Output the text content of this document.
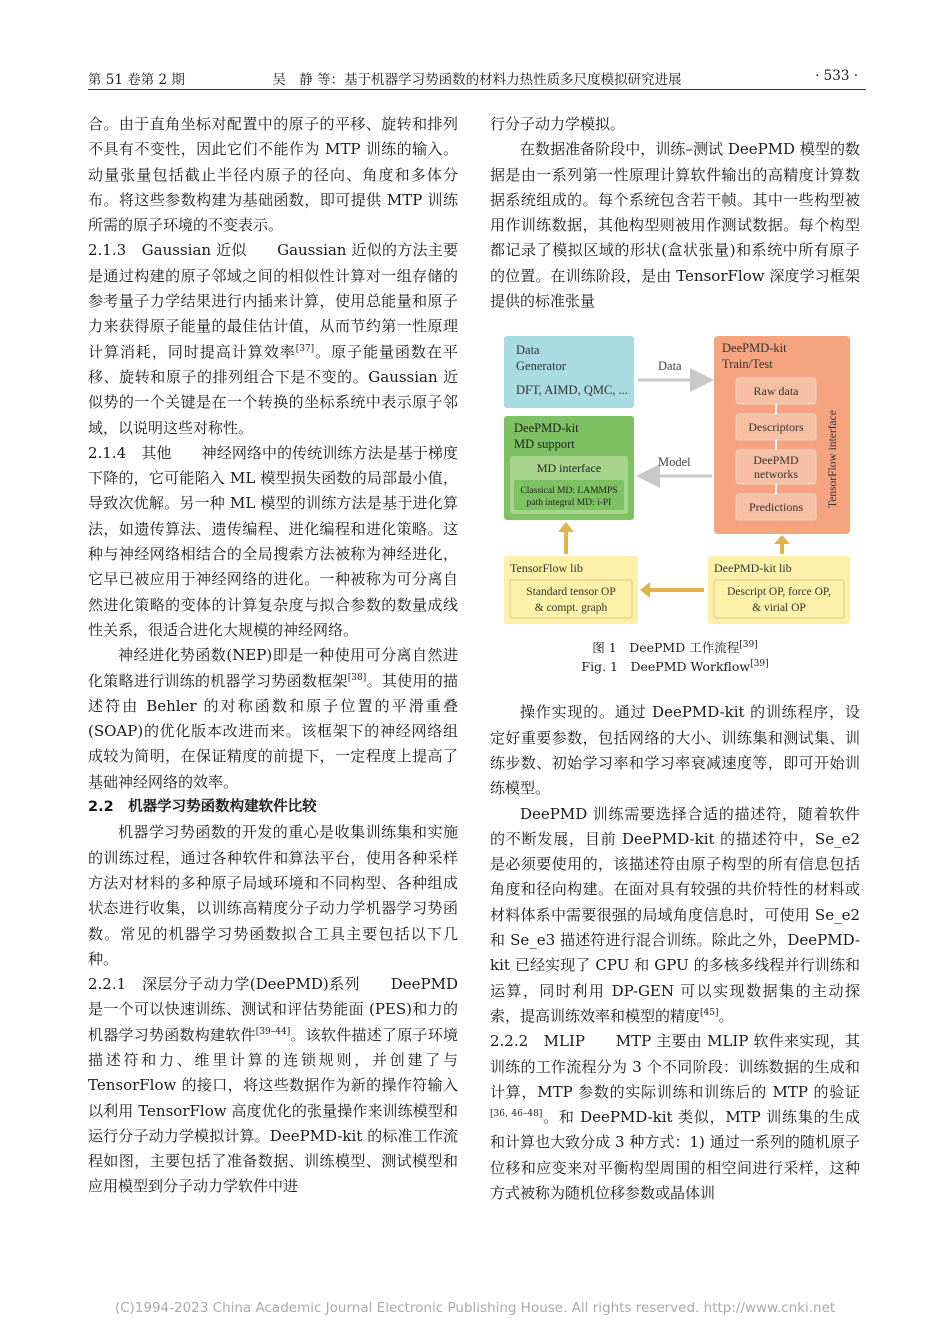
第 51 卷第 2 期	吴　静 等：基于机器学习势函数的材料力热性质多尺度模拟研究进展	· 533 ·

合。由于直角坐标对配置中的原子的平移、旋转和排列不具有不变性，因此它们不能作为 MTP 训练的输入。动量张量包括截止半径内原子的径向、角度和多体分布。将这些参数构建为基础函数，即可提供 MTP 训练所需的原子环境的不变表示。

2.1.3　Gaussian 近似　　Gaussian 近似的方法主要是通过构建的原子邻域之间的相似性计算对一组存储的参考量子力学结果进行内插来计算，使用总能量和原子力来获得原子能量的最佳估计值，从而节约第一性原理计算消耗，同时提高计算效率[37]。原子能量函数在平移、旋转和原子的排列组合下是不变的。Gaussian 近似势的一个关键是在一个转换的坐标系统中表示原子邻域，以说明这些对称性。

2.1.4　其他　　神经网络中的传统训练方法是基于梯度下降的，它可能陷入 ML 模型损失函数的局部最小值，导致次优解。另一种 ML 模型的训练方法是基于进化算法，如遗传算法、遗传编程、进化编程和进化策略。这种与神经网络相结合的全局搜索方法被称为神经进化，它早已被应用于神经网络的进化。一种被称为可分离自然进化策略的变体的计算复杂度与拟合参数的数量成线性关系，很适合进化大规模的神经网络。

神经进化势函数(NEP)即是一种使用可分离自然进化策略进行训练的机器学习势函数框架[38]。其使用的描述符由 Behler 的对称函数和原子位置的平滑重叠(SOAP)的优化版本改进而来。该框架下的神经网络组成较为简明，在保证精度的前提下，一定程度上提高了基础神经网络的效率。

2.2　机器学习势函数构建软件比较

机器学习势函数的开发的重心是收集训练集和实施的训练过程，通过各种软件和算法平台，使用各种采样方法对材料的多种原子局域环境和不同构型、各种组成状态进行收集，以训练高精度分子动力学机器学习势函数。常见的机器学习势函数拟合工具主要包括以下几种。

2.2.1　深层分子动力学(DeePMD)系列　　DeePMD 是一个可以快速训练、测试和评估势能面 (PES)和力的机器学习势函数构建软件[39–44]。该软件描述了原子环境描述符和力、维里计算的连锁规则，并创建了与 TensorFlow 的接口，将这些数据作为新的操作符输入以利用 TensorFlow 高度优化的张量操作来训练模型和运行分子动力学模拟计算。DeePMD-kit 的标准工作流程如图，主要包括了准备数据、训练模型、测试模型和应用模型到分子动力学软件中进

行分子动力学模拟。

在数据准备阶段中，训练–测试 DeePMD 模型的数据是由一系列第一性原理计算软件输出的高精度计算数据系统组成的。每个系统包含若干帧。其中一些构型被用作训练数据，其他构型则被用作测试数据。每个构型都记录了模拟区域的形状(盒状张量)和系统中所有原子的位置。在训练阶段，是由 TensorFlow 深度学习框架提供的标准张量

Data
Generator
DFT, AIMD, QMC, ...
Data
DeePMD-kit
Train/Test
Raw data
Descriptors
DeePMD
networks
Predictions TensorFlow interface
Model
DeePMD-kit
MD support
MD interface
Classical MD: LAMMPS
path integral MD: i-PI
TensorFlow lib
Standard tensor OP
& compt. graph
DeePMD-kit lib
Descript OP, force OP,
& virial OP
图 1　DeePMD 工作流程[39]
Fig. 1　DeePMD Workflow[39]

操作实现的。通过 DeePMD-kit 的训练程序，设定好重要参数，包括网络的大小、训练集和测试集、训练步数、初始学习率和学习率衰减速度等，即可开始训练模型。

DeePMD 训练需要选择合适的描述符，随着软件的不断发展，目前 DeePMD-kit 的描述符中，Se_e2 是必须要使用的，该描述符由原子构型的所有信息包括角度和径向构建。在面对具有较强的共价特性的材料或材料体系中需要很强的局域角度信息时，可使用 Se_e2 和 Se_e3 描述符进行混合训练。除此之外，DeePMD-kit 已经实现了 CPU 和 GPU 的多核多线程并行训练和运算，同时利用 DP-GEN 可以实现数据集的主动探索，提高训练效率和模型的精度[45]。

2.2.2　MLIP　　MTP 主要由 MLIP 软件来实现，其训练的工作流程分为 3 个不同阶段：训练数据的生成和计算，MTP 参数的实际训练和训练后的 MTP 的验证[36, 46–48]。和 DeePMD-kit 类似，MTP 训练集的生成和计算也大致分成 3 种方式：1) 通过一系列的随机原子位移和应变来对平衡构型周围的相空间进行采样，这种方式被称为随机位移参数或晶体训

(C)1994-2023 China Academic Journal Electronic Publishing House. All rights reserved. http://www.cnki.net
